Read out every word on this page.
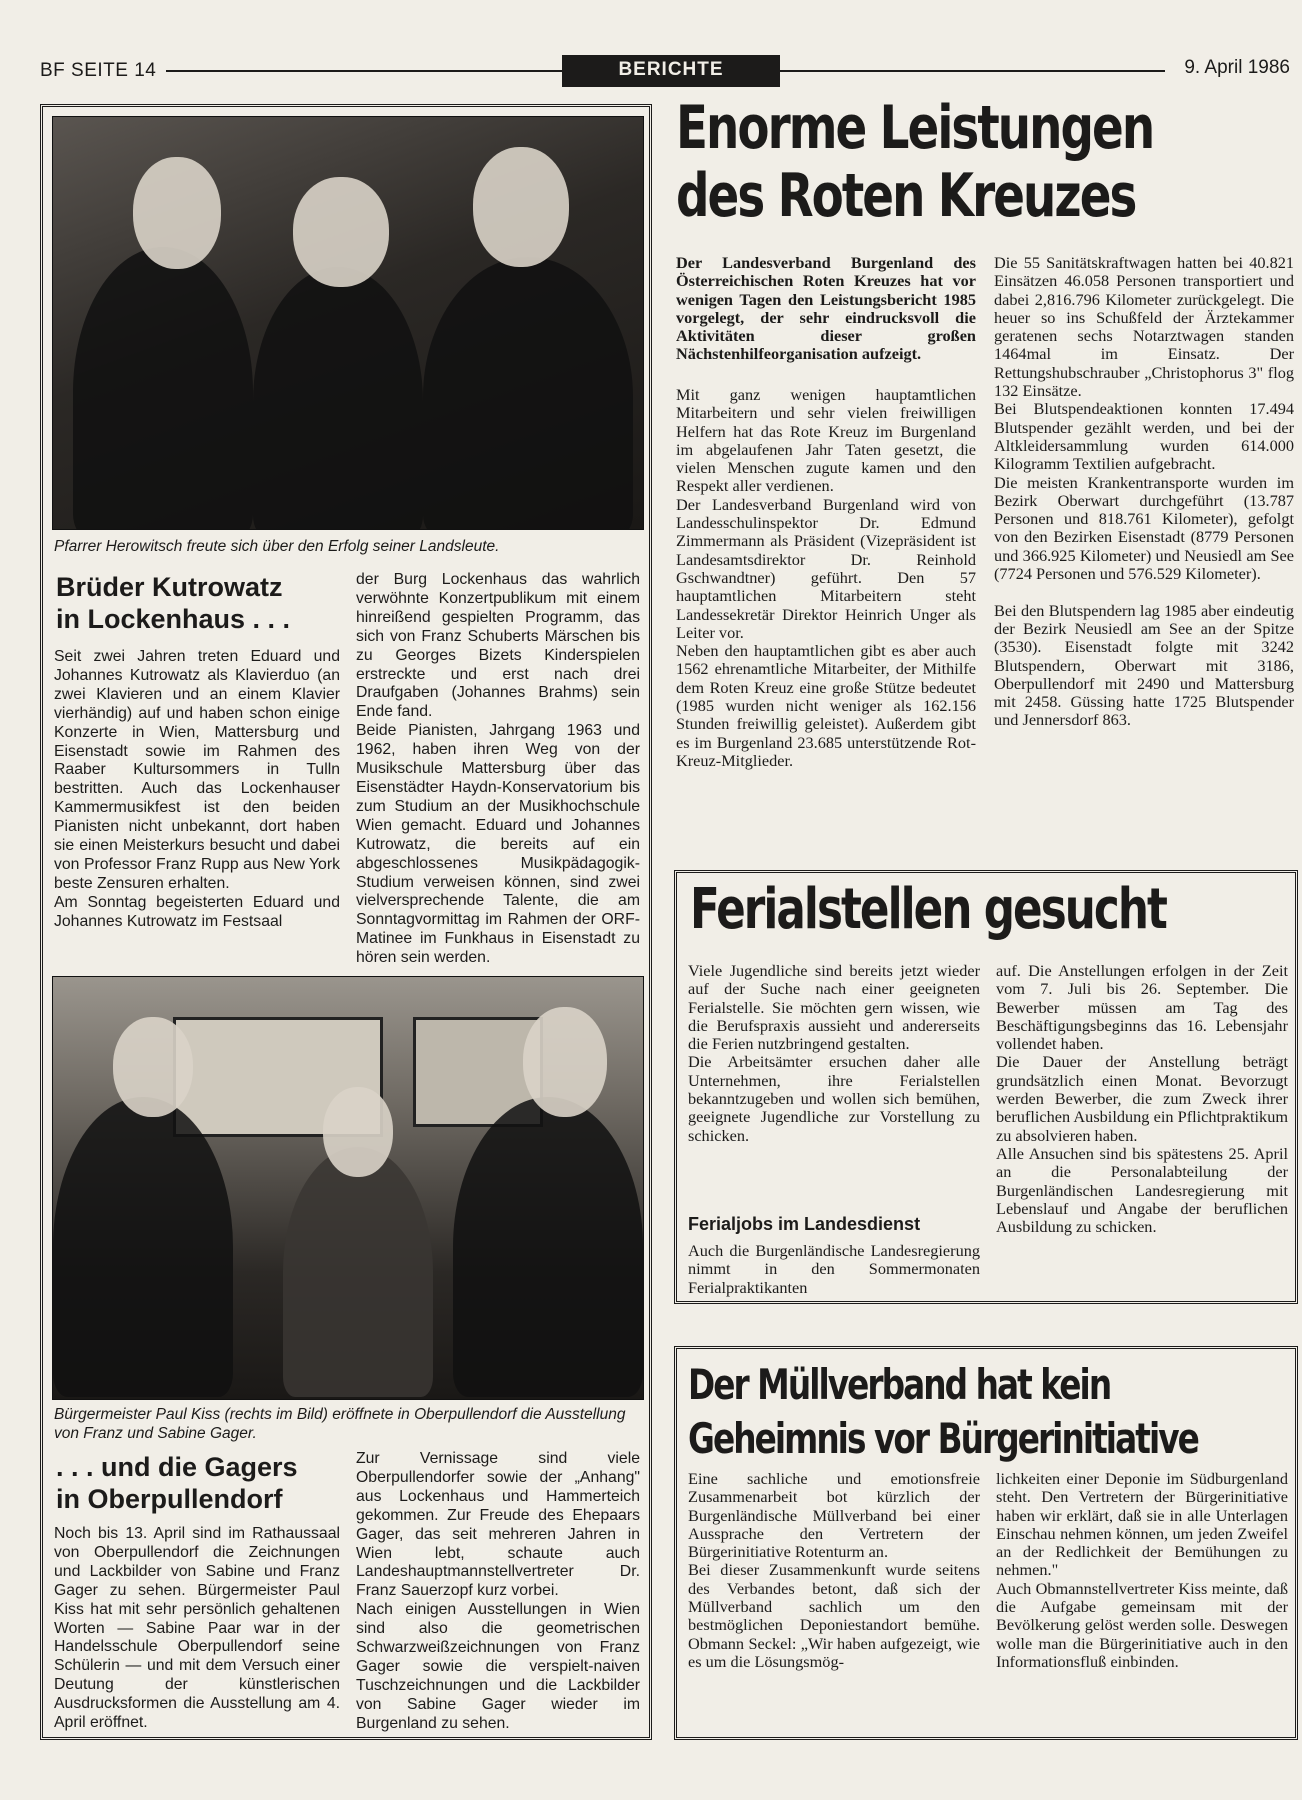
BF SEITE 14	BERICHTE	9. April 1986
Pfarrer Herowitsch freute sich über den Erfolg seiner Landsleute.
Brüder Kutrowatz
in Lockenhaus . . .
Seit zwei Jahren treten Eduard und Johannes Kutrowatz als Klavierduo (an zwei Klavieren und an einem Klavier vierhändig) auf und haben schon einige Konzerte in Wien, Mattersburg und Eisenstadt sowie im Rahmen des Raaber Kultursommers in Tulln bestritten. Auch das Lockenhauser Kammermusikfest ist den beiden Pianisten nicht unbekannt, dort haben sie einen Meisterkurs besucht und dabei von Professor Franz Rupp aus New York beste Zensuren erhalten.
Am Sonntag begeisterten Eduard und Johannes Kutrowatz im Festsaal
der Burg Lockenhaus das wahrlich verwöhnte Konzertpublikum mit einem hinreißend gespielten Programm, das sich von Franz Schuberts Märschen bis zu Georges Bizets Kinderspielen erstreckte und erst nach drei Draufgaben (Johannes Brahms) sein Ende fand.
Beide Pianisten, Jahrgang 1963 und 1962, haben ihren Weg von der Musikschule Mattersburg über das Eisenstädter Haydn-Konservatorium bis zum Studium an der Musikhochschule Wien gemacht. Eduard und Johannes Kutrowatz, die bereits auf ein abgeschlossenes Musikpädagogik-Studium verweisen können, sind zwei vielversprechende Talente, die am Sonntagvormittag im Rahmen der ORF-Matinee im Funkhaus in Eisenstadt zu hören sein werden.
Bürgermeister Paul Kiss (rechts im Bild) eröffnete in Oberpullendorf die Ausstellung von Franz und Sabine Gager.
. . . und die Gagers
in Oberpullendorf
Noch bis 13. April sind im Rathaussaal von Oberpullendorf die Zeichnungen und Lackbilder von Sabine und Franz Gager zu sehen. Bürgermeister Paul Kiss hat mit sehr persönlich gehaltenen Worten — Sabine Paar war in der Handelsschule Oberpullendorf seine Schülerin — und mit dem Versuch einer Deutung der künstlerischen Ausdrucksformen die Ausstellung am 4. April eröffnet.
Zur Vernissage sind viele Oberpullendorfer sowie der „Anhang" aus Lockenhaus und Hammerteich gekommen. Zur Freude des Ehepaars Gager, das seit mehreren Jahren in Wien lebt, schaute auch Landeshauptmannstellvertreter Dr. Franz Sauerzopf kurz vorbei.
Nach einigen Ausstellungen in Wien sind also die geometrischen Schwarzweißzeichnungen von Franz Gager sowie die verspielt-naiven Tuschzeichnungen und die Lackbilder von Sabine Gager wieder im Burgenland zu sehen.
Enorme Leistungen
des Roten Kreuzes
Der Landesverband Burgenland des Österreichischen Roten Kreuzes hat vor wenigen Tagen den Leistungsbericht 1985 vorgelegt, der sehr eindrucksvoll die Aktivitäten dieser großen Nächstenhilfeorganisation aufzeigt.
Mit ganz wenigen hauptamtlichen Mitarbeitern und sehr vielen freiwilligen Helfern hat das Rote Kreuz im Burgenland im abgelaufenen Jahr Taten gesetzt, die vielen Menschen zugute kamen und den Respekt aller verdienen.
Der Landesverband Burgenland wird von Landesschulinspektor Dr. Edmund Zimmermann als Präsident (Vizepräsident ist Landesamtsdirektor Dr. Reinhold Gschwandtner) geführt. Den 57 hauptamtlichen Mitarbeitern steht Landessekretär Direktor Heinrich Unger als Leiter vor.
Neben den hauptamtlichen gibt es aber auch 1562 ehrenamtliche Mitarbeiter, der Mithilfe dem Roten Kreuz eine große Stütze bedeutet (1985 wurden nicht weniger als 162.156 Stunden freiwillig geleistet). Außerdem gibt es im Burgenland 23.685 unterstützende Rot-Kreuz-Mitglieder.
Die 55 Sanitätskraftwagen hatten bei 40.821 Einsätzen 46.058 Personen transportiert und dabei 2,816.796 Kilometer zurückgelegt. Die heuer so ins Schußfeld der Ärztekammer geratenen sechs Notarztwagen standen 1464mal im Einsatz. Der Rettungshubschrauber „Christophorus 3" flog 132 Einsätze.
Bei Blutspendeaktionen konnten 17.494 Blutspender gezählt werden, und bei der Altkleidersammlung wurden 614.000 Kilogramm Textilien aufgebracht.
Die meisten Krankentransporte wurden im Bezirk Oberwart durchgeführt (13.787 Personen und 818.761 Kilometer), gefolgt von den Bezirken Eisenstadt (8779 Personen und 366.925 Kilometer) und Neusiedl am See (7724 Personen und 576.529 Kilometer).

Bei den Blutspendern lag 1985 aber eindeutig der Bezirk Neusiedl am See an der Spitze (3530). Eisenstadt folgte mit 3242 Blutspendern, Oberwart mit 3186, Oberpullendorf mit 2490 und Mattersburg mit 2458. Güssing hatte 1725 Blutspender und Jennersdorf 863.
Ferialstellen gesucht
Viele Jugendliche sind bereits jetzt wieder auf der Suche nach einer geeigneten Ferialstelle. Sie möchten gern wissen, wie die Berufspraxis aussieht und andererseits die Ferien nutzbringend gestalten.
Die Arbeitsämter ersuchen daher alle Unternehmen, ihre Ferialstellen bekanntzugeben und wollen sich bemühen, geeignete Jugendliche zur Vorstellung zu schicken.
Ferialjobs im Landesdienst
Auch die Burgenländische Landesregierung nimmt in den Sommermonaten Ferialpraktikanten
auf. Die Anstellungen erfolgen in der Zeit vom 7. Juli bis 26. September. Die Bewerber müssen am Tag des Beschäftigungsbeginns das 16. Lebensjahr vollendet haben.
Die Dauer der Anstellung beträgt grundsätzlich einen Monat. Bevorzugt werden Bewerber, die zum Zweck ihrer beruflichen Ausbildung ein Pflichtpraktikum zu absolvieren haben.
Alle Ansuchen sind bis spätestens 25. April an die Personalabteilung der Burgenländischen Landesregierung mit Lebenslauf und Angabe der beruflichen Ausbildung zu schicken.
Der Müllverband hat kein
Geheimnis vor Bürgerinitiative
Eine sachliche und emotionsfreie Zusammenarbeit bot kürzlich der Burgenländische Müllverband bei einer Aussprache den Vertretern der Bürgerinitiative Rotenturm an.
Bei dieser Zusammenkunft wurde seitens des Verbandes betont, daß sich der Müllverband sachlich um den bestmöglichen Deponiestandort bemühe. Obmann Seckel: „Wir haben aufgezeigt, wie es um die Lösungsmög-
lichkeiten einer Deponie im Südburgenland steht. Den Vertretern der Bürgerinitiative haben wir erklärt, daß sie in alle Unterlagen Einschau nehmen können, um jeden Zweifel an der Redlichkeit der Bemühungen zu nehmen."
Auch Obmannstellvertreter Kiss meinte, daß die Aufgabe gemeinsam mit der Bevölkerung gelöst werden solle. Deswegen wolle man die Bürgerinitiative auch in den Informationsfluß einbinden.
